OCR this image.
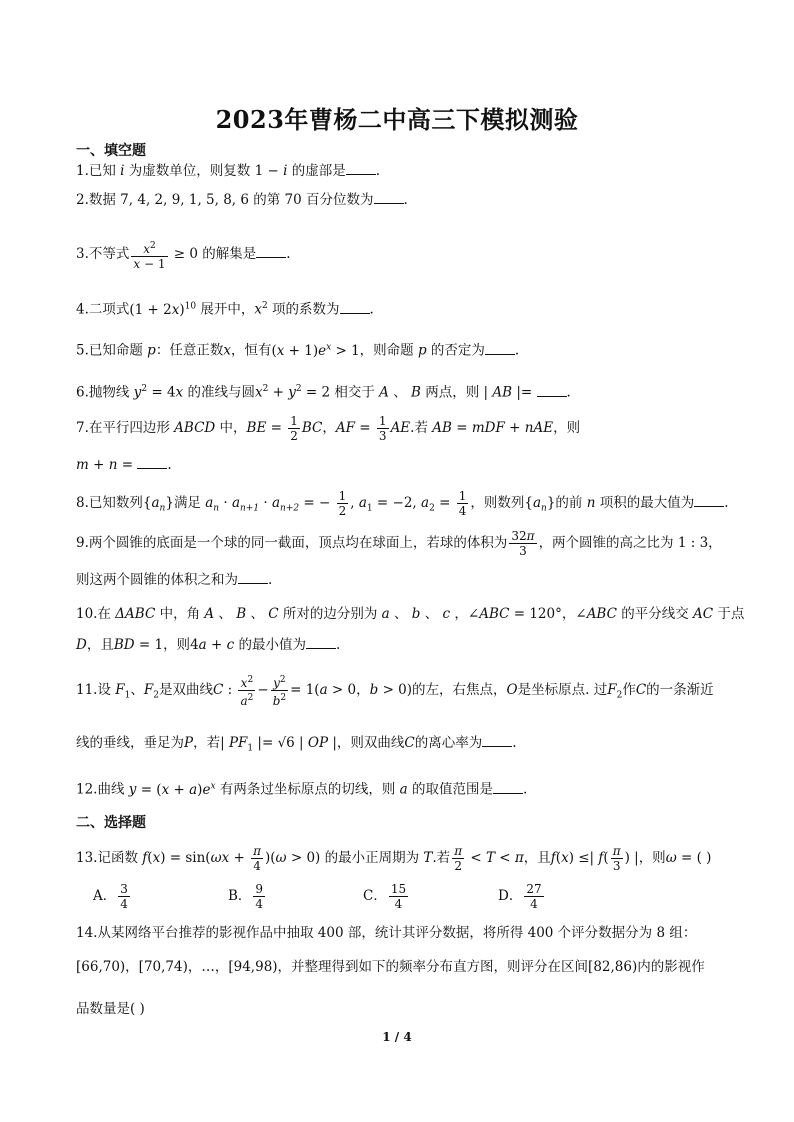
2023年曹杨二中高三下模拟测验
一、填空题
1.已知 i 为虚数单位，则复数 1 − i 的虚部是 .
2.数据 7, 4, 2, 9, 1, 5, 8, 6 的第 70 百分位数为 .
3.不等式 $\frac{x^2}{x - 1} \ge 0$ 的解集是 .
4.二项式$(1 + 2x)^{10}$ 展开中，$x^2$ 项的系数为 .
5.已知命题 p：任意正数x，恒有$(x + 1)e^x > 1$，则命题 p 的否定为 .
6.抛物线 $y^2 = 4x$ 的准线与圆$x^2 + y^2 = 2$ 相交于 A 、 B 两点，则 | AB |= .
7.在平行四边形 ABCD 中，BE = $\frac{1}{2}$ BC，AF = $\frac{1}{3}$ AE.若 AB = mDF + nAE，则
m + n = .
8.已知数列$\{a_n\}$满足 $a_n \cdot a_{n+1} \cdot a_{n+2}$ = − $\frac{1}{2}$ , $a_1 = -2$, $a_2 = \frac{1}{4}$ ，则数列$\{a_n\}$的前 n 项积的最大值为 .
9.两个圆锥的底面是一个球的同一截面，顶点均在球面上，若球的体积为 $\frac{32\pi}{3}$ ，两个圆锥的高之比为 1 : 3，
则这两个圆锥的体积之和为 .
10.在 ΔABC 中，角 A 、 B 、 C 所对的边分别为 a 、 b 、 c ，∠ABC = 120°，∠ABC 的平分线交 AC 于点
D，且BD = 1，则4a + c 的最小值为 .
11.设 $F_1$、$F_2$是双曲线C : $\frac{x^2}{a^2} - \frac{y^2}{b^2} = 1(a > 0$，b > 0)的左，右焦点，O是坐标原点. 过$F_2$作C的一条渐近
线的垂线，垂足为P，若| $PF_1$ |= √6 | OP |，则双曲线C的离心率为 .
12.曲线 $y = (x + a)e^x$ 有两条过坐标原点的切线，则 a 的取值范围是 .
二、选择题
13.记函数 $f(x) = \sin(\omega x + \frac{\pi}{4} )(\omega > 0)$ 的最小正周期为 T.若 $\frac{\pi}{2} < T < \pi$，且f(x) ≤| $f( \frac{\pi}{3}$ ) |，则ω = ( )
A． $\frac{3}{4}$	B． $\frac{9}{4}$	C． $\frac{15}{4}$	D． $\frac{27}{4}$
14.从某网络平台推荐的影视作品中抽取 400 部，统计其评分数据，将所得 400 个评分数据分为 8 组：
[66,70)，[70,74)，…，[94,98)，并整理得到如下的频率分布直方图，则评分在区间[82,86)内的影视作
品数量是( )
1 / 4
